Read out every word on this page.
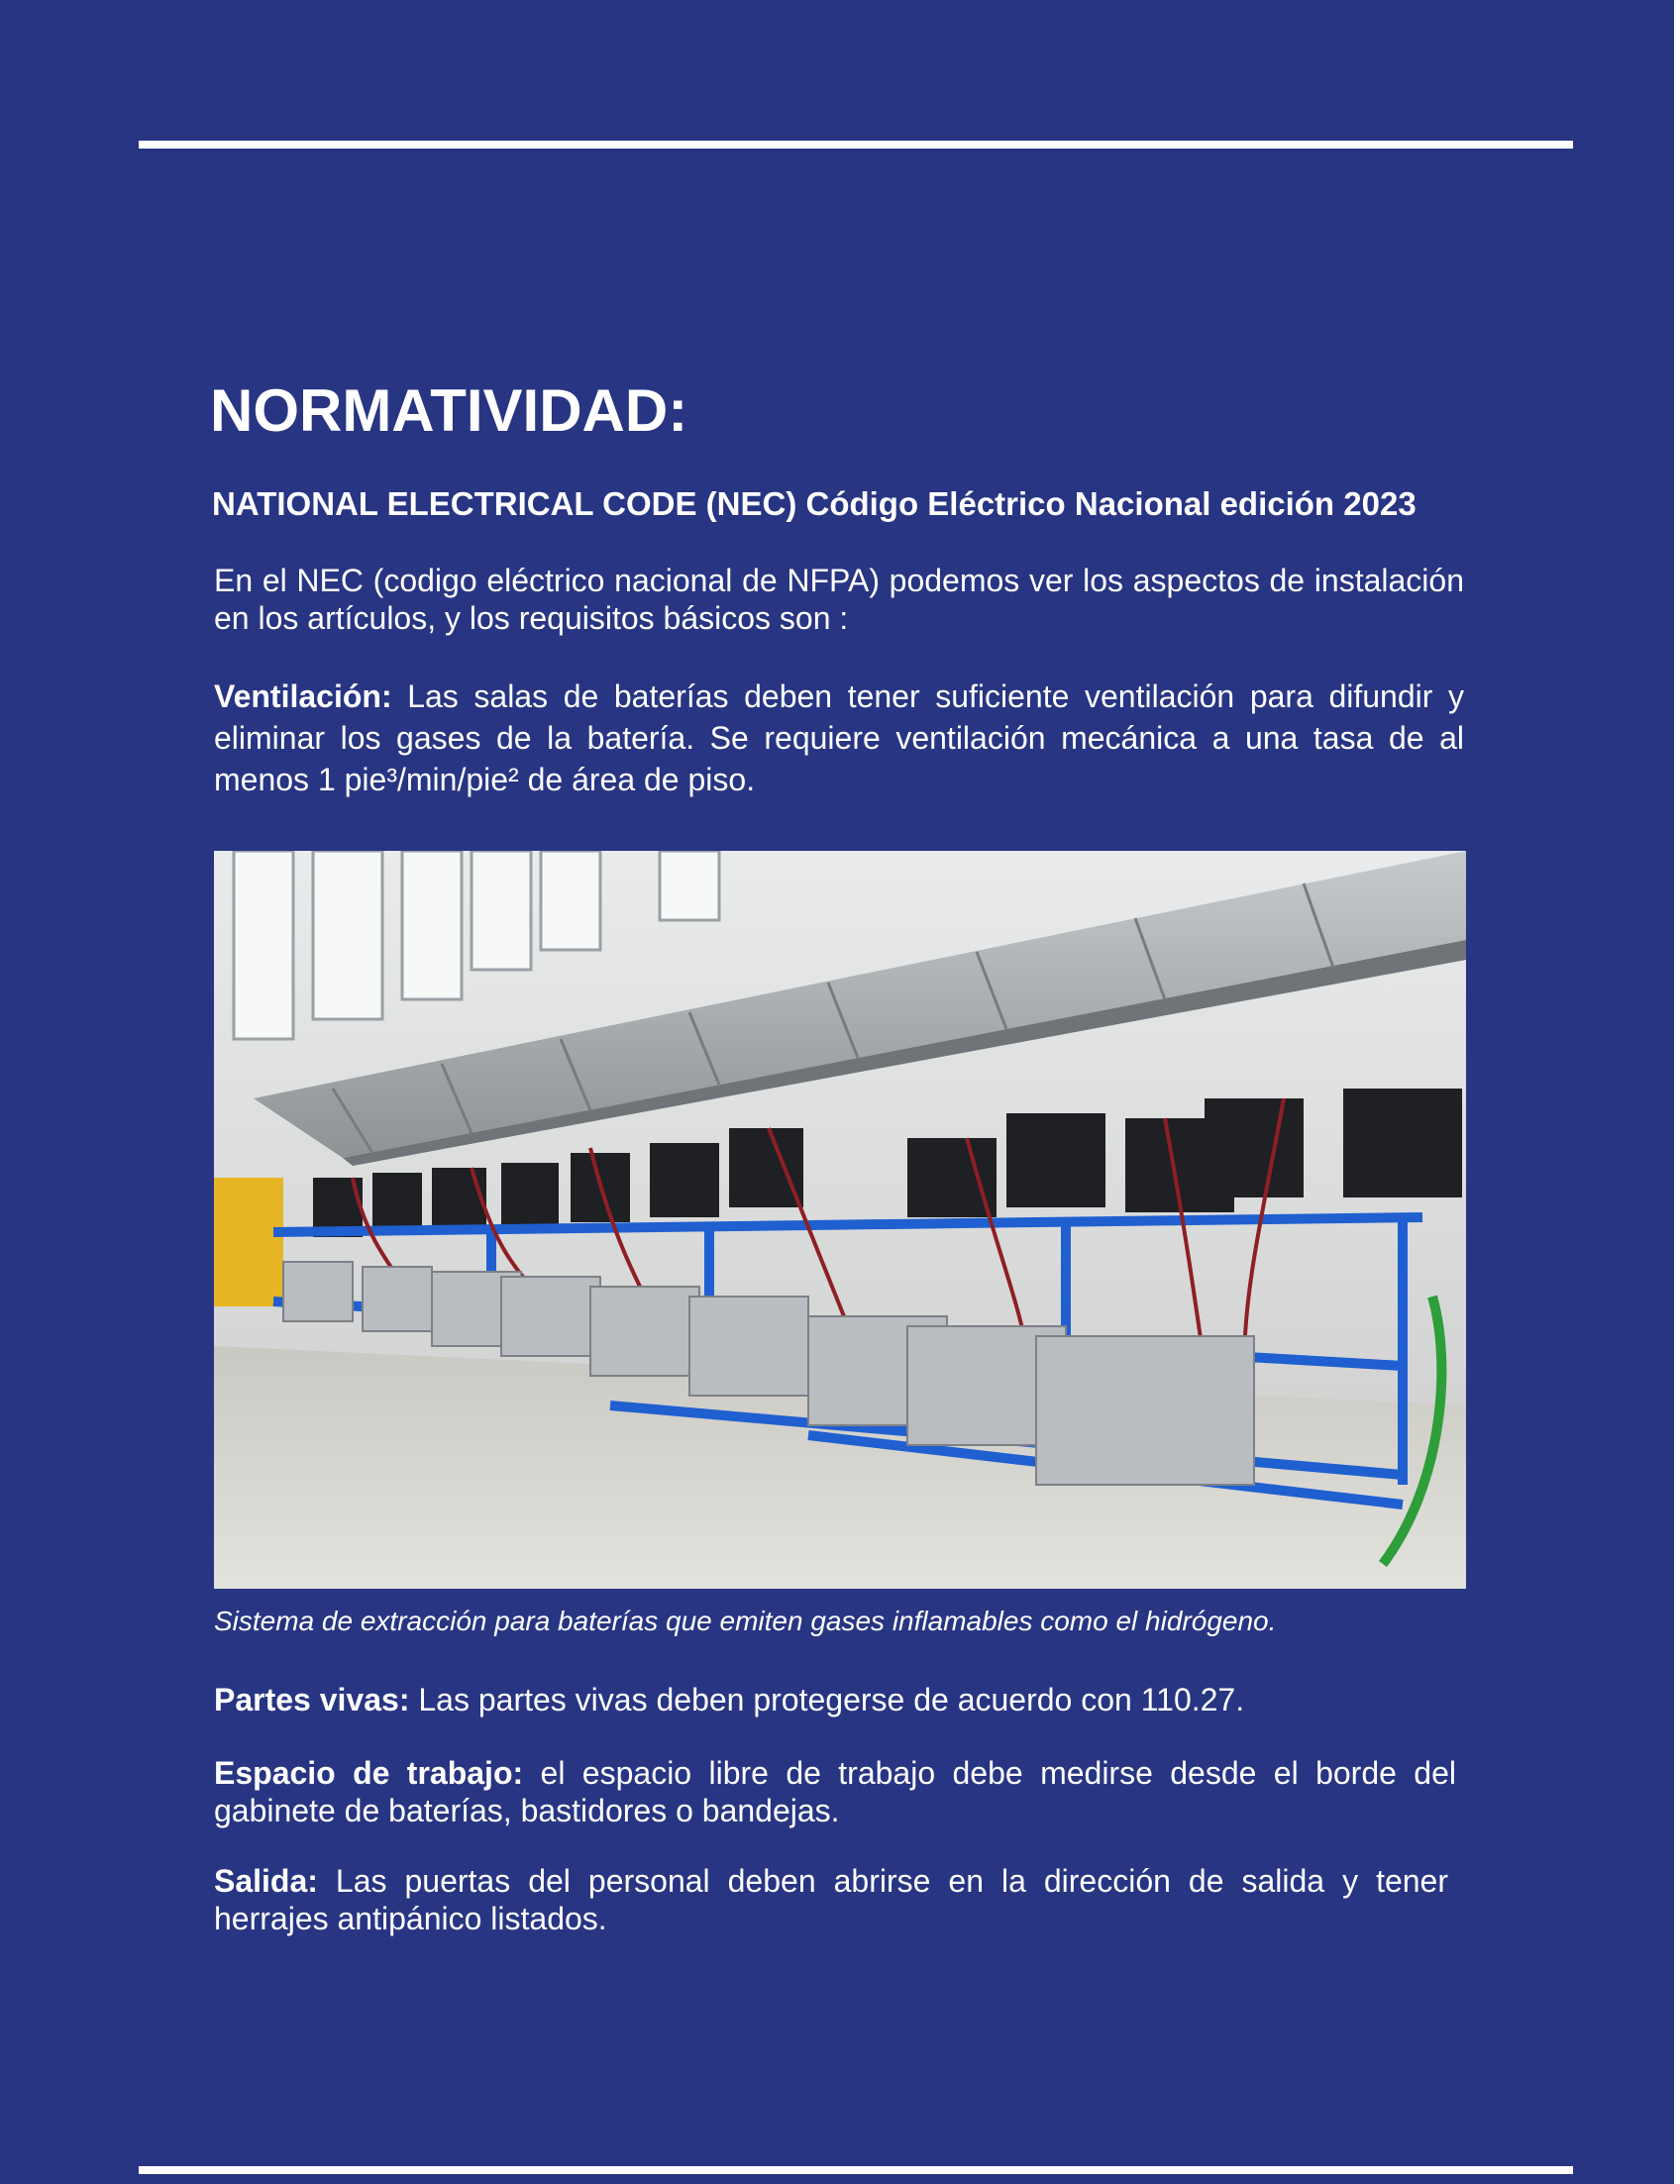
NORMATIVIDAD:
NATIONAL ELECTRICAL CODE (NEC) Código Eléctrico Nacional edición 2023

En el NEC (codigo eléctrico nacional de NFPA) podemos ver los aspectos de instalación en los artículos, y los requisitos básicos son :

Ventilación: Las salas de baterías deben tener suficiente ventilación para difundir y eliminar los gases de la batería. Se requiere ventilación mecánica a una tasa de al menos 1 pie³/min/pie² de área de piso.

Sistema de extracción para baterías que emiten gases inflamables como el hidrógeno.

Partes vivas: Las partes vivas deben protegerse de acuerdo con 110.27.

Espacio de trabajo: el espacio libre de trabajo debe medirse desde el borde del gabinete de baterías, bastidores o bandejas.

Salida: Las puertas del personal deben abrirse en la dirección de salida y tener herrajes antipánico listados.
